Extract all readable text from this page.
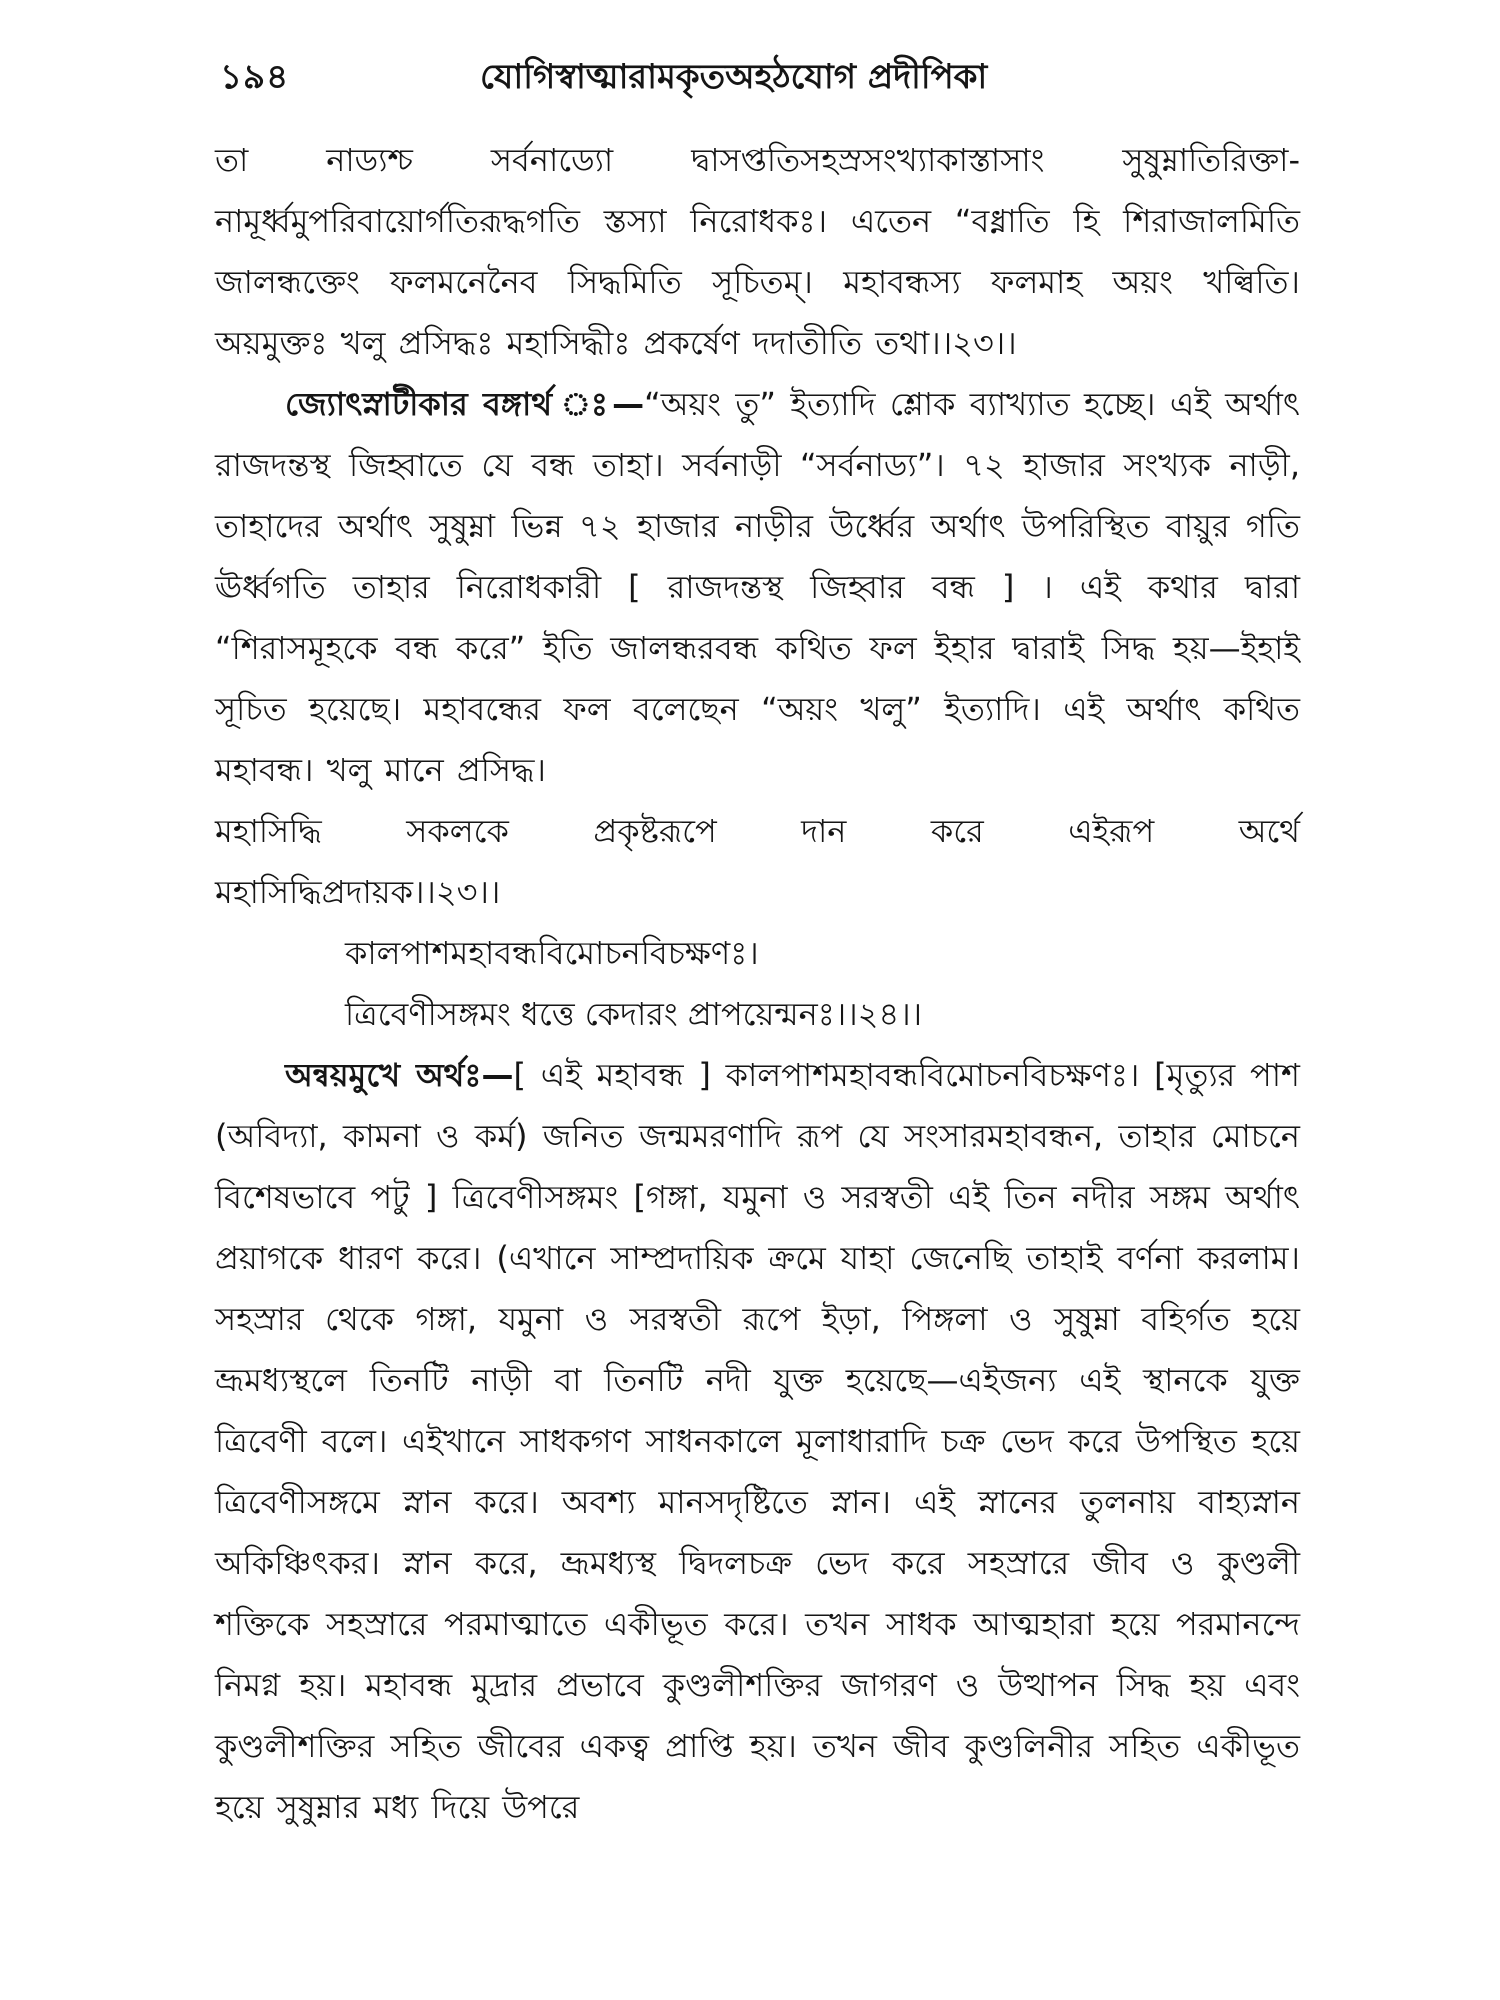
১৯৪	যোগিস্বাত্মারামকৃতঅহঠযোগ প্রদীপিকা

তা নাড্যশ্চ সর্বনাড্যো দ্বাসপ্ততিসহস্রসংখ্যাকাস্তাসাং সুষুম্নাতিরিক্তা-নামূর্ধ্বমুপরিবায়োর্গতিরূদ্ধগতি স্তস্যা নিরোধকঃ। এতেন “বধ্নাতি হি শিরাজালমিতি জালন্ধক্তেং ফলমনেনৈব সিদ্ধমিতি সূচিতম্‌। মহাবন্ধস্য ফলমাহ অয়ং খল্বিতি। অয়মুক্তঃ খলু প্রসিদ্ধঃ মহাসিদ্ধীঃ প্রকর্ষেণ দদাতীতি তথা।।২৩।।

জ্যোৎস্নাটীকার বঙ্গার্থ ঃ—“অয়ং তু” ইত্যাদি শ্লোক ব্যাখ্যাত হচ্ছে। এই অর্থাৎ রাজদন্তস্থ জিহ্বাতে যে বন্ধ তাহা। সর্বনাড়ী “সর্বনাড্য”। ৭২ হাজার সংখ্যক নাড়ী, তাহাদের অর্থাৎ সুষুম্না ভিন্ন ৭২ হাজার নাড়ীর উর্ধ্বের অর্থাৎ উপরিস্থিত বায়ুর গতি ঊর্ধ্বগতি তাহার নিরোধকারী [ রাজদন্তস্থ জিহ্বার বন্ধ ] । এই কথার দ্বারা “শিরাসমূহকে বন্ধ করে” ইতি জালন্ধরবন্ধ কথিত ফল ইহার দ্বারাই সিদ্ধ হয়—ইহাই সূচিত হয়েছে। মহাবন্ধের ফল বলেছেন “অয়ং খলু” ইত্যাদি। এই অর্থাৎ কথিত মহাবন্ধ। খলু মানে প্রসিদ্ধ।

মহাসিদ্ধি সকলকে প্রকৃষ্টরূপে দান করে এইরূপ অর্থে

মহাসিদ্ধিপ্রদায়ক।।২৩।।

কালপাশমহাবন্ধবিমোচনবিচক্ষণঃ।

ত্রিবেণীসঙ্গমং ধত্তে কেদারং প্রাপয়েন্মনঃ।।২৪।।

অন্বয়মুখে অর্থঃ—[ এই মহাবন্ধ ] কালপাশমহাবন্ধবিমোচনবিচক্ষণঃ। [মৃত্যুর পাশ (অবিদ্যা, কামনা ও কর্ম) জনিত জন্মমরণাদি রূপ যে সংসারমহাবন্ধন, তাহার মোচনে বিশেষভাবে পটু ] ত্রিবেণীসঙ্গমং [গঙ্গা, যমুনা ও সরস্বতী এই তিন নদীর সঙ্গম অর্থাৎ প্রয়াগকে ধারণ করে। (এখানে সাম্প্রদায়িক ক্রমে যাহা জেনেছি তাহাই বর্ণনা করলাম। সহস্রার থেকে গঙ্গা, যমুনা ও সরস্বতী রূপে ইড়া, পিঙ্গলা ও সুষুম্না বহির্গত হয়ে ভ্রূমধ্যস্থলে তিনটি নাড়ী বা তিনটি নদী যুক্ত হয়েছে—এইজন্য এই স্থানকে যুক্ত ত্রিবেণী বলে। এইখানে সাধকগণ সাধনকালে মূলাধারাদি চক্র ভেদ করে উপস্থিত হয়ে ত্রিবেণীসঙ্গমে স্নান করে। অবশ্য মানসদৃষ্টিতে স্নান। এই স্নানের তুলনায় বাহ্যস্নান অকিঞ্চিৎকর। স্নান করে, ভ্রূমধ্যস্থ দ্বিদলচক্র ভেদ করে সহস্রারে জীব ও কুণ্ডলী শক্তিকে সহস্রারে পরমাত্মাতে একীভূত করে। তখন সাধক আত্মহারা হয়ে পরমানন্দে নিমগ্ন হয়। মহাবন্ধ মুদ্রার প্রভাবে কুণ্ডলীশক্তির জাগরণ ও উত্থাপন সিদ্ধ হয় এবং কুণ্ডলীশক্তির সহিত জীবের একত্ব প্রাপ্তি হয়। তখন জীব কুণ্ডলিনীর সহিত একীভূত হয়ে সুষুম্নার মধ্য দিয়ে উপরে
